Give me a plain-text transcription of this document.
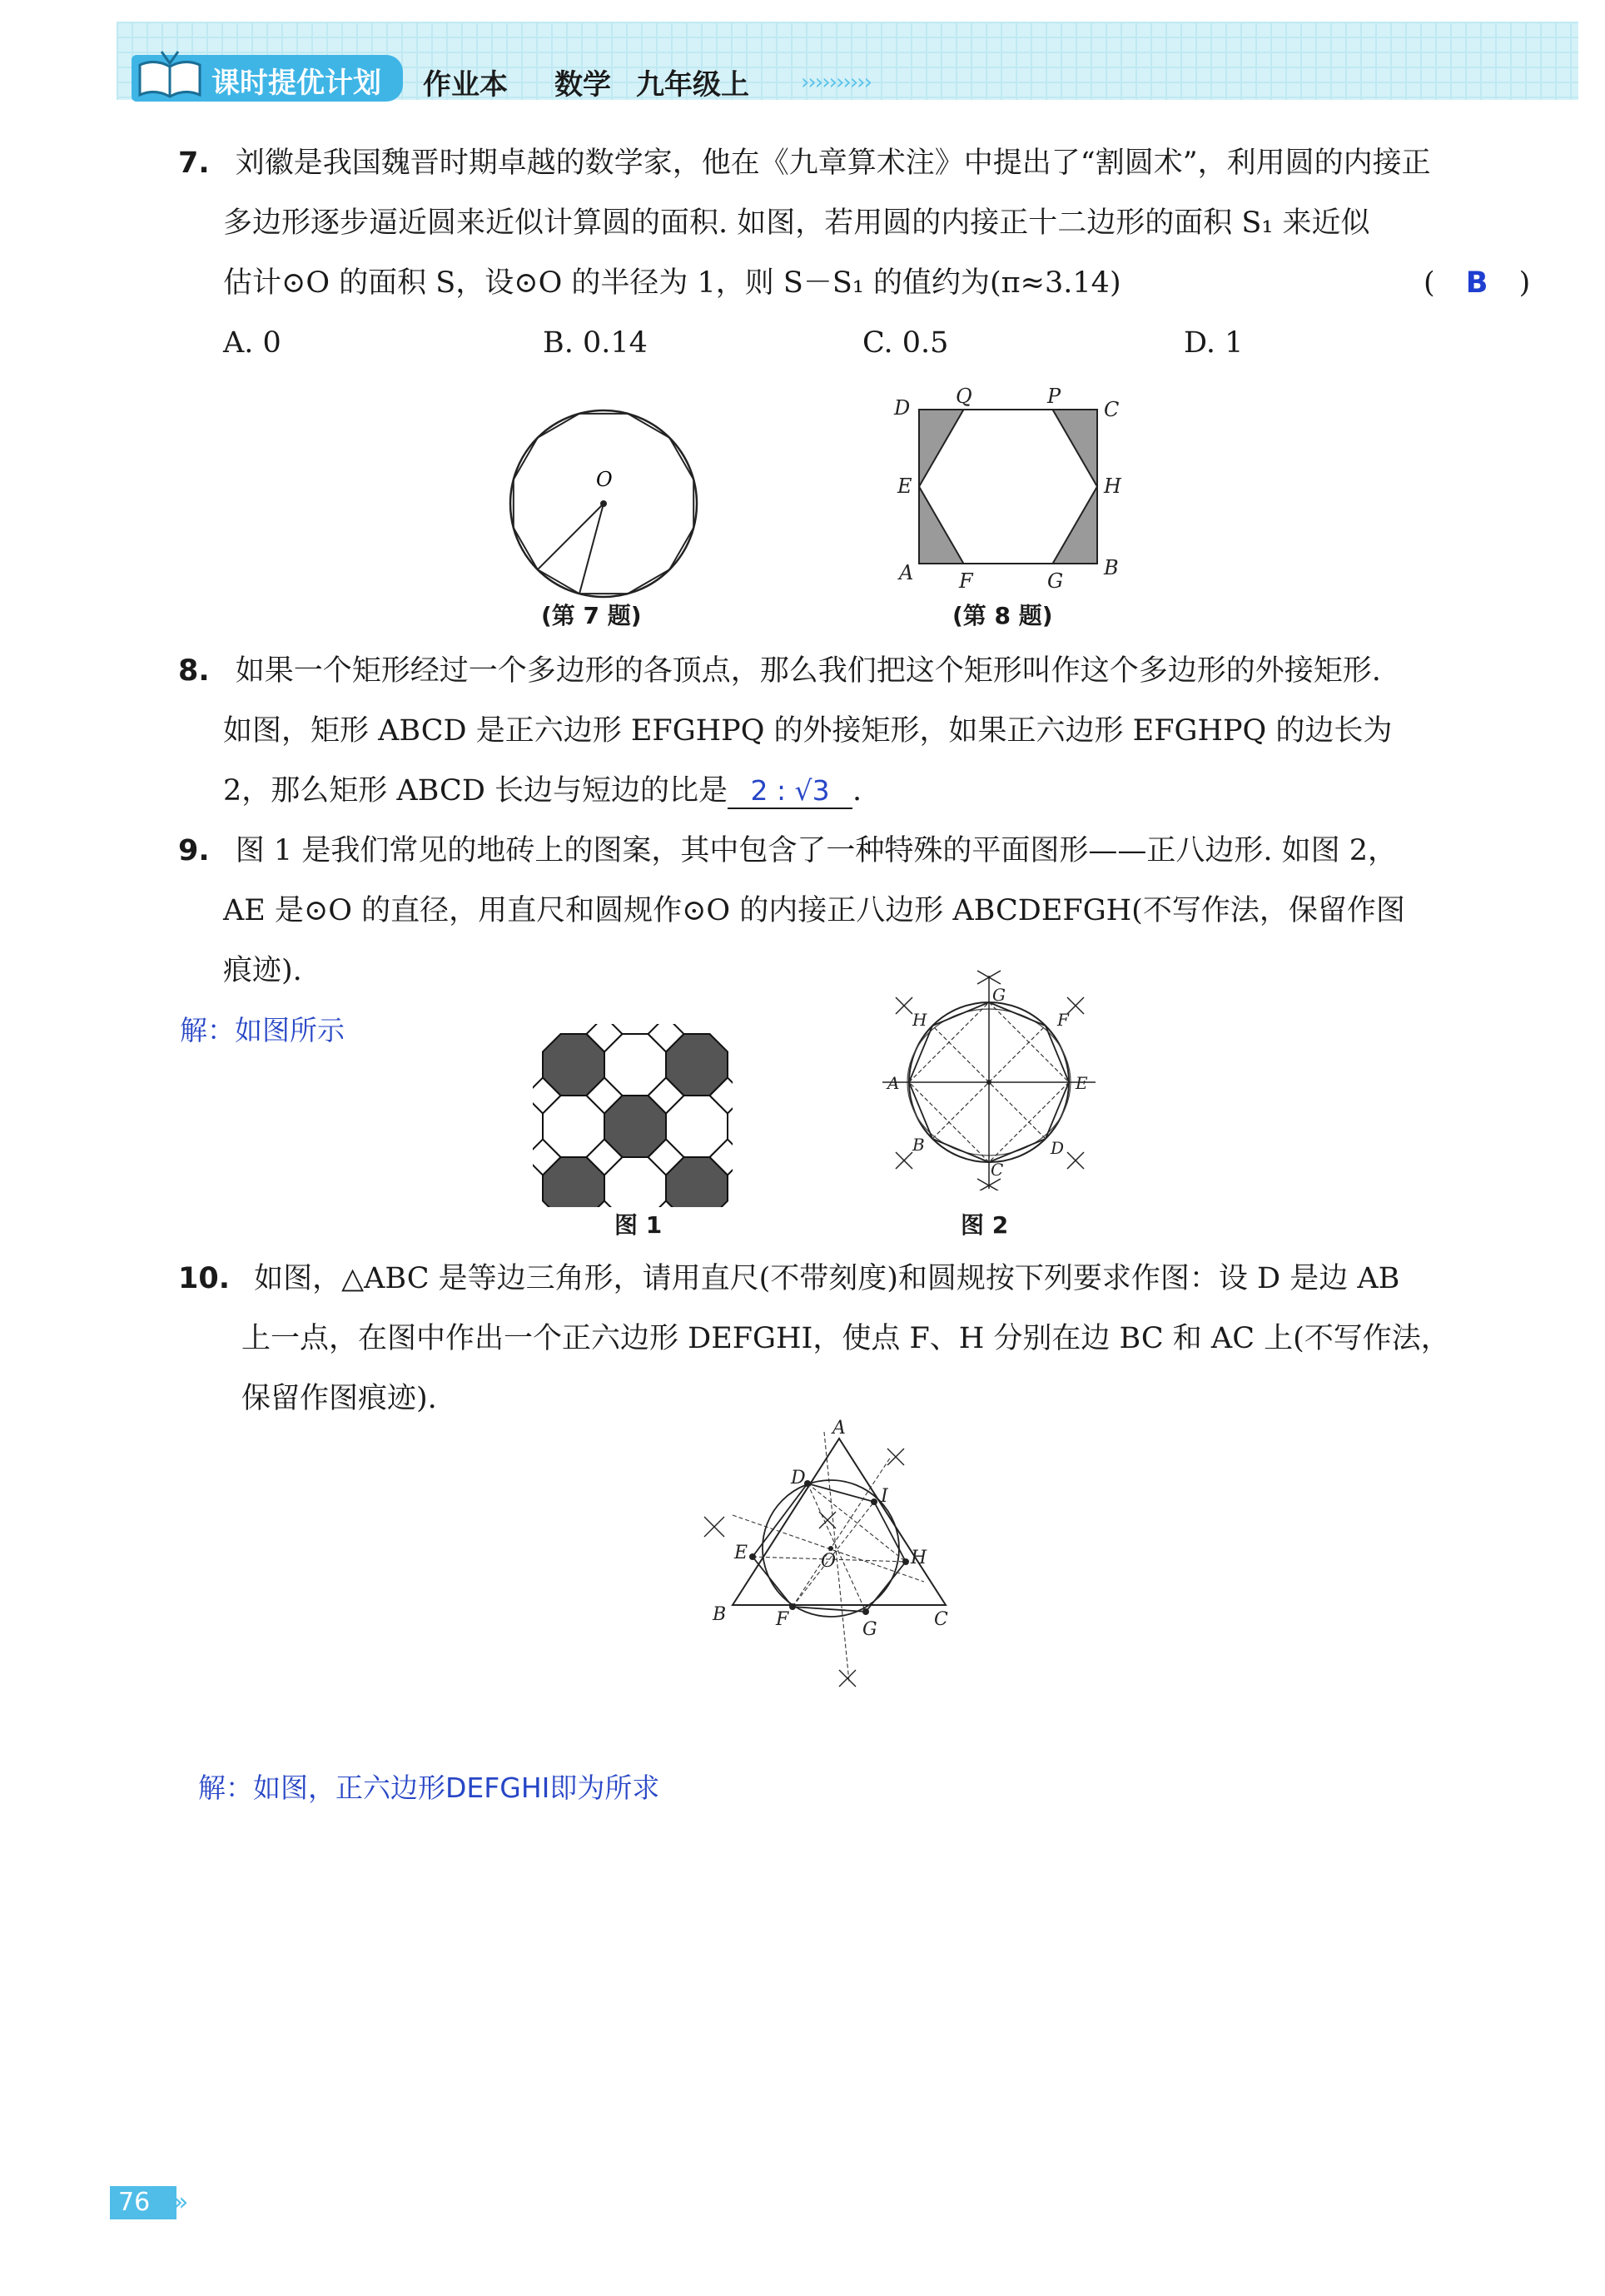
课时提优计划 作业本 数学 九年级上 ››››››››››
7. 刘徽是我国魏晋时期卓越的数学家，他在《九章算术注》中提出了“割圆术”，利用圆的内接正
多边形逐步逼近圆来近似计算圆的面积. 如图，若用圆的内接正十二边形的面积 S₁ 来近似
估计⊙O 的面积 S，设⊙O 的半径为 1，则 S－S₁ 的值约为(π≈3.14)	( B )
A. 0	B. 0.14	C. 0.5	D. 1
O
(第 7 题)
D Q	P
C
E	H
A F	G
B
(第 8 题)
8. 如果一个矩形经过一个多边形的各顶点，那么我们把这个矩形叫作这个多边形的外接矩形.
如图，矩形 ABCD 是正六边形 EFGHPQ 的外接矩形，如果正六边形 EFGHPQ 的边长为
2，那么矩形 ABCD 长边与短边的比是 2 : √3 .
9. 图 1 是我们常见的地砖上的图案，其中包含了一种特殊的平面图形——正八边形. 如图 2，
AE 是⊙O 的直径，用直尺和圆规作⊙O 的内接正八边形 ABCDEFGH(不写作法，保留作图
痕迹).
解：如图所示
图 1
A	E
G
C
H	F
B	D
图 2
10. 如图，△ABC 是等边三角形，请用直尺(不带刻度)和圆规按下列要求作图：设 D 是边 AB
上一点，在图中作出一个正六边形 DEFGHI，使点 F、H 分别在边 BC 和 AC 上(不写作法，
保留作图痕迹).
A
D
I
E	H
O
B	F	G	C
解：如图，正六边形DEFGHI即为所求
76 »
